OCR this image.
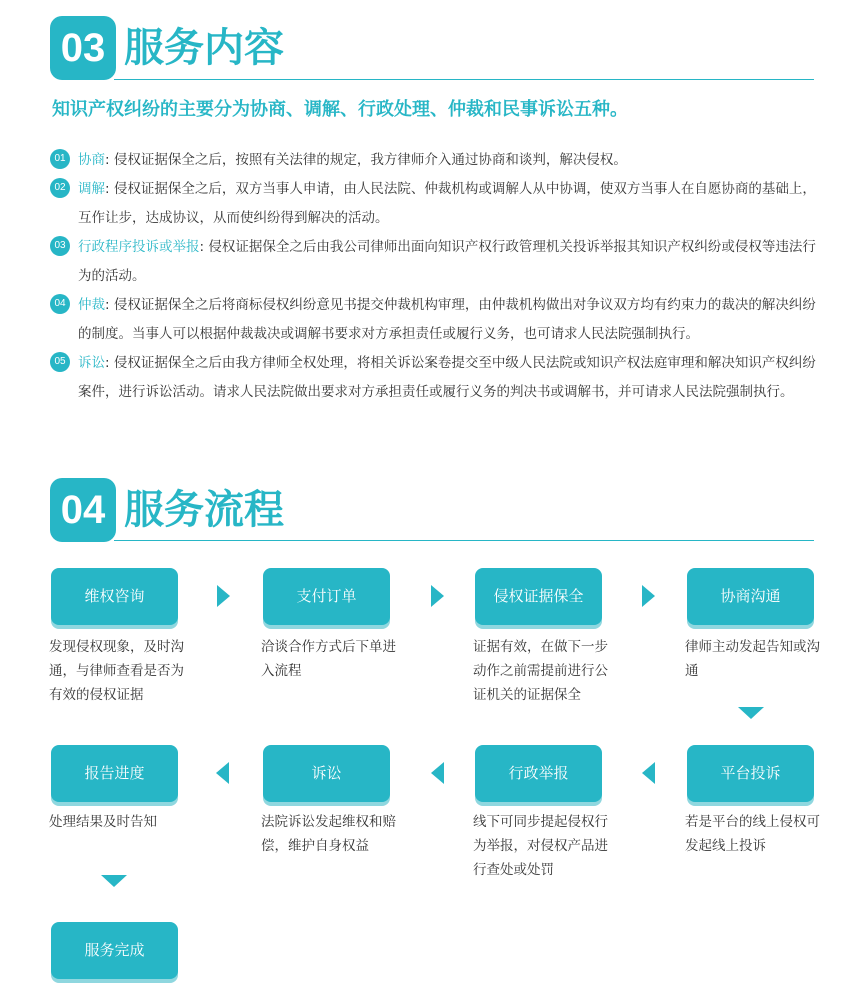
03 服务内容
知识产权纠纷的主要分为协商、调解、行政处理、仲裁和民事诉讼五种。
01 协商: 侵权证据保全之后，按照有关法律的规定，我方律师介入通过协商和谈判，解决侵权。
02 调解: 侵权证据保全之后，双方当事人申请，由人民法院、仲裁机构或调解人从中协调，使双方当事人在自愿协商的基础上，互作让步，达成协议，从而使纠纷得到解决的活动。
03 行政程序投诉或举报: 侵权证据保全之后由我公司律师出面向知识产权行政管理机关投诉举报其知识产权纠纷或侵权等违法行为的活动。
04 仲裁: 侵权证据保全之后将商标侵权纠纷意见书提交仲裁机构审理，由仲裁机构做出对争议双方均有约束力的裁决的解决纠纷的制度。当事人可以根据仲裁裁决或调解书要求对方承担责任或履行义务，也可请求人民法院强制执行。
05 诉讼: 侵权证据保全之后由我方律师全权处理，将相关诉讼案卷提交至中级人民法院或知识产权法庭审理和解决知识产权纠纷案件，进行诉讼活动。请求人民法院做出要求对方承担责任或履行义务的判决书或调解书，并可请求人民法院强制执行。
04 服务流程
维权咨询	支付订单	侵权证据保全	协商沟通
发现侵权现象，及时沟通，与律师查看是否为有效的侵权证据
洽谈合作方式后下单进入流程
证据有效，在做下一步动作之前需提前进行公证机关的证据保全
律师主动发起告知或沟通
报告进度	诉讼	行政举报	平台投诉
处理结果及时告知	法院诉讼发起维权和赔偿，维护自身权益
线下可同步提起侵权行为举报，对侵权产品进行查处或处罚
若是平台的线上侵权可发起线上投诉
服务完成
